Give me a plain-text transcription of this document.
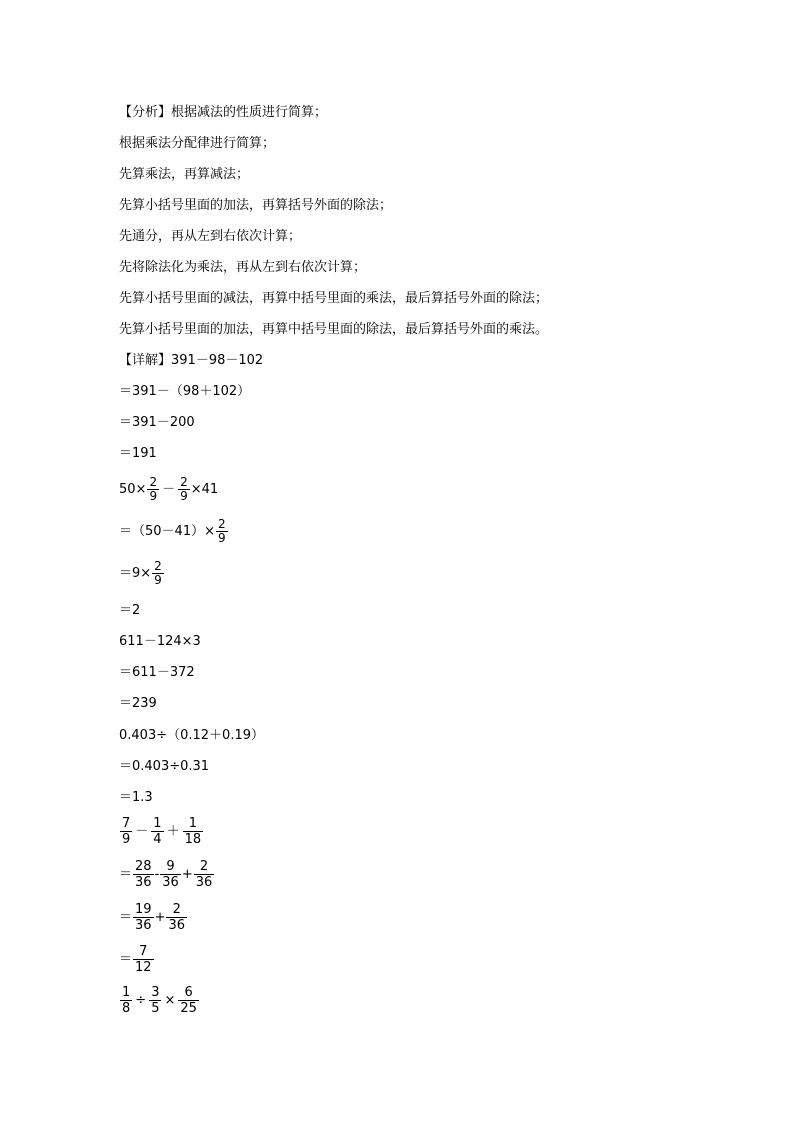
【分析】根据减法的性质进行简算；
根据乘法分配律进行简算；
先算乘法，再算减法；
先算小括号里面的加法，再算括号外面的除法；
先通分，再从左到右依次计算；
先将除法化为乘法，再从左到右依次计算；
先算小括号里面的减法，再算中括号里面的乘法，最后算括号外面的除法；
先算小括号里面的加法，再算中括号里面的除法，最后算括号外面的乘法。
【详解】391－98－102
＝391－（98＋102）
＝391－200
＝191
$50\times \frac{2}{9} - \frac{2}{9} \times 41$
$=(50-41)\times \frac{2}{9}$
$=9\times \frac{2}{9}$
＝2
611－124×3
＝611－372
＝239
0.403÷（0.12＋0.19）
＝0.403÷0.31
＝1.3
$\frac{7}{9} - \frac{1}{4} + \frac{1}{18}$
＝ $\frac{28}{36} - \frac{9}{36} + \frac{2}{36}$
＝ $\frac{19}{36} + \frac{2}{36}$
＝ $\frac{7}{12}$
$\frac{1}{8} \div \frac{3}{5} \times \frac{6}{25}$
